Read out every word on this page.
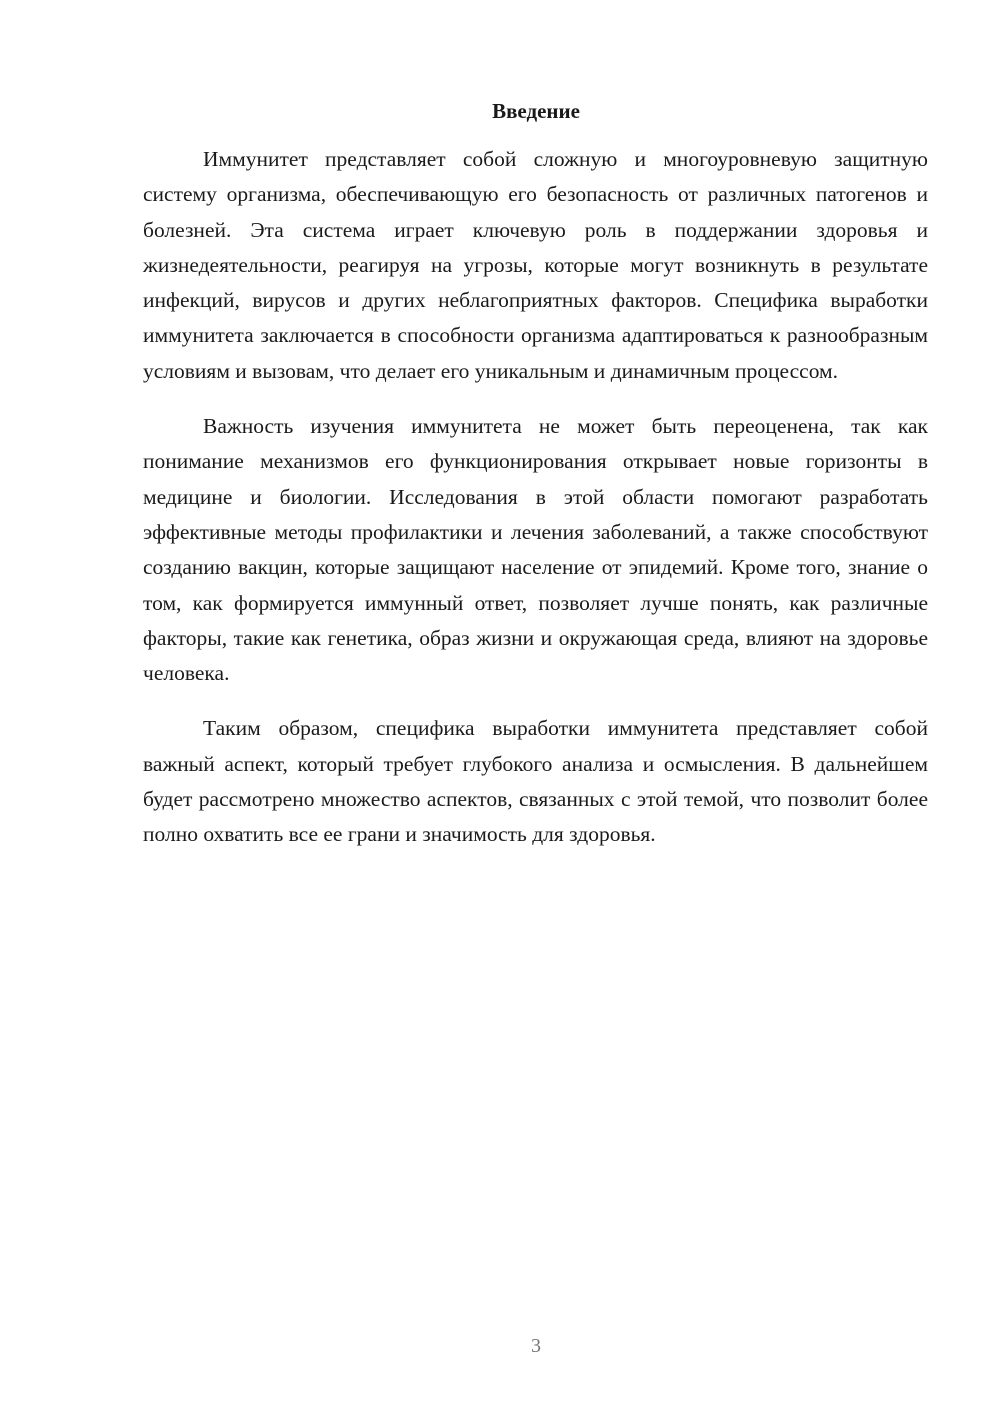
Введение

Иммунитет представляет собой сложную и многоуровневую защитную систему организма, обеспечивающую его безопасность от различных патогенов и болезней. Эта система играет ключевую роль в поддержании здоровья и жизнедеятельности, реагируя на угрозы, которые могут возникнуть в результате инфекций, вирусов и других неблагоприятных факторов. Специфика выработки иммунитета заключается в способности организма адаптироваться к разнообразным условиям и вызовам, что делает его уникальным и динамичным процессом.

Важность изучения иммунитета не может быть переоценена, так как понимание механизмов его функционирования открывает новые горизонты в медицине и биологии. Исследования в этой области помогают разработать эффективные методы профилактики и лечения заболеваний, а также способствуют созданию вакцин, которые защищают население от эпидемий. Кроме того, знание о том, как формируется иммунный ответ, позволяет лучше понять, как различные факторы, такие как генетика, образ жизни и окружающая среда, влияют на здоровье человека.

Таким образом, специфика выработки иммунитета представляет собой важный аспект, который требует глубокого анализа и осмысления. В дальнейшем будет рассмотрено множество аспектов, связанных с этой темой, что позволит более полно охватить все ее грани и значимость для здоровья.

3
